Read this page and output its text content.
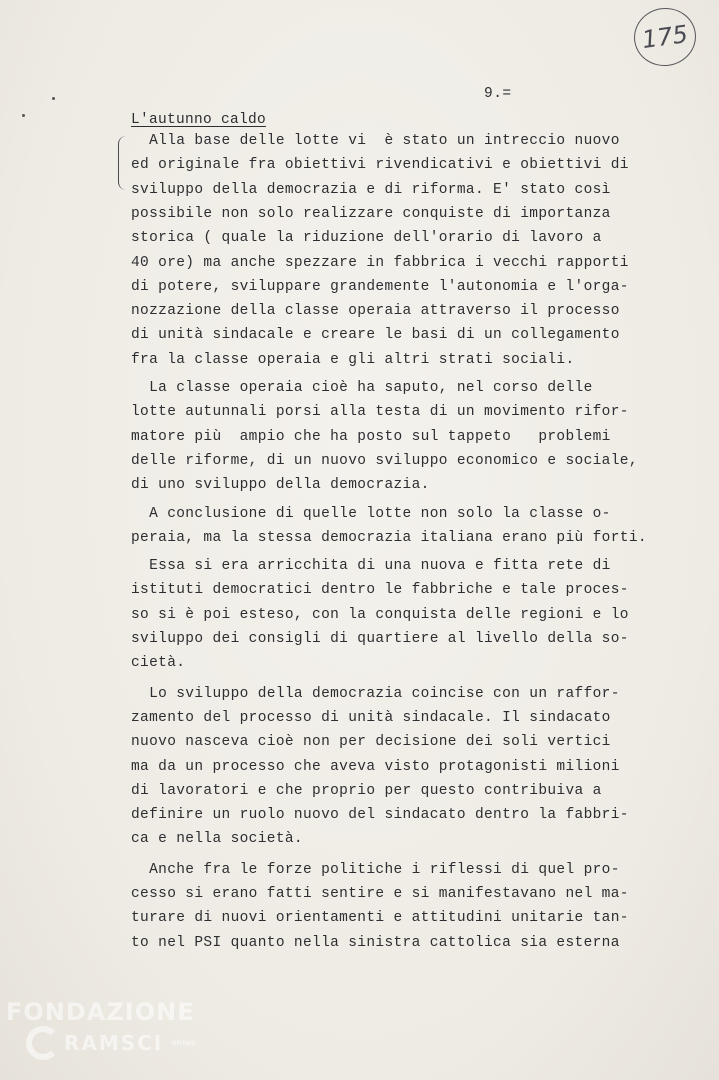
175
9.=
L'autunno caldo
Alla base delle lotte vi  è stato un intreccio nuovo
ed originale fra obiettivi rivendicativi e obiettivi di
sviluppo della democrazia e di riforma. E' stato così
possibile non solo realizzare conquiste di importanza
storica ( quale la riduzione dell'orario di lavoro a
40 ore) ma anche spezzare in fabbrica i vecchi rapporti
di potere, sviluppare grandemente l'autonomia e l'orga-
nozzazione della classe operaia attraverso il processo
di unità sindacale e creare le basi di un collegamento
fra la classe operaia e gli altri strati sociali.
La classe operaia cioè ha saputo, nel corso delle
lotte autunnali porsi alla testa di un movimento rifor-
matore più  ampio che ha posto sul tappeto   problemi
delle riforme, di un nuovo sviluppo economico e sociale,
di uno sviluppo della democrazia.
A conclusione di quelle lotte non solo la classe o-
peraia, ma la stessa democrazia italiana erano più forti.
Essa si era arricchita di una nuova e fitta rete di
istituti democratici dentro le fabbriche e tale proces-
so si è poi esteso, con la conquista delle regioni e lo
sviluppo dei consigli di quartiere al livello della so-
cietà.
Lo sviluppo della democrazia coincise con un raffor-
zamento del processo di unità sindacale. Il sindacato
nuovo nasceva cioè non per decisione dei soli vertici
ma da un processo che aveva visto protagonisti milioni
di lavoratori e che proprio per questo contribuiva a
definire un ruolo nuovo del sindacato dentro la fabbri-
ca e nella società.
Anche fra le forze politiche i riflessi di quel pro-
cesso si erano fatti sentire e si manifestavano nel ma-
turare di nuovi orientamenti e attitudini unitarie tan-
to nel PSI quanto nella sinistra cattolica sia esterna
FONDAZIONE
RAMSCI onlus
